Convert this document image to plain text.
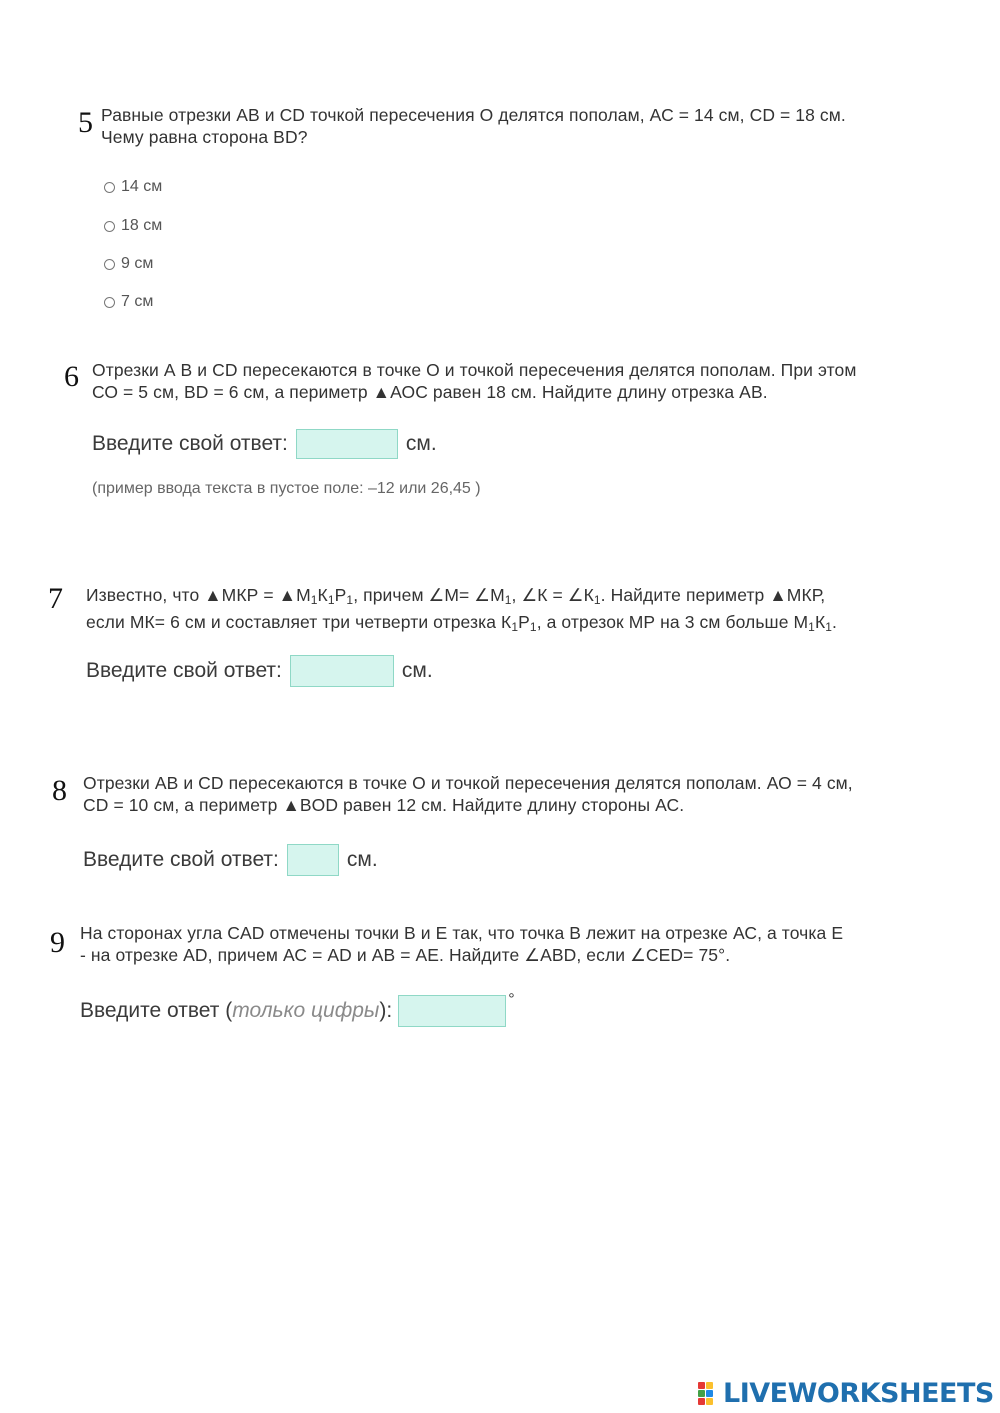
5 Равные отрезки АВ и CD точкой пересечения О делятся пополам, АС = 14 см, CD = 18 см.
Чему равна сторона BD?
14 см
18 см
9 см
7 см
6 Отрезки А В и CD пересекаются в точке О и точкой пересечения делятся пополам. При этом
СО = 5 см, BD = 6 см, а периметр ▲АОС равен 18 см. Найдите длину отрезка АВ.
Введите свой ответ:	см.
(пример ввода текста в пустое поле: –12 или 26,45 )
7 Известно, что ▲МКР = $▲М_1К_1Р_1$, причем ∠М= $\angle М_1$, ∠К = $\angle К_1$. Найдите периметр ▲МКР,
если МК= 6 см и составляет три четверти отрезка $К_1Р_1$, а отрезок МР на 3 см больше $М_1К_1$.
Введите свой ответ:	см.
8 Отрезки АВ и CD пересекаются в точке О и точкой пересечения делятся пополам. АО = 4 см,
CD = 10 см, а периметр ▲BOD равен 12 см. Найдите длину стороны АС.
Введите свой ответ:	см.
9 На сторонах угла CAD отмечены точки В и Е так, что точка В лежит на отрезке АС, а точка Е
- на отрезке AD, причем АС = AD и АВ = АЕ. Найдите ∠ABD, если ∠CED= 75°.
Введите ответ (только цифры):	°
LIVEWORKSHEETS
